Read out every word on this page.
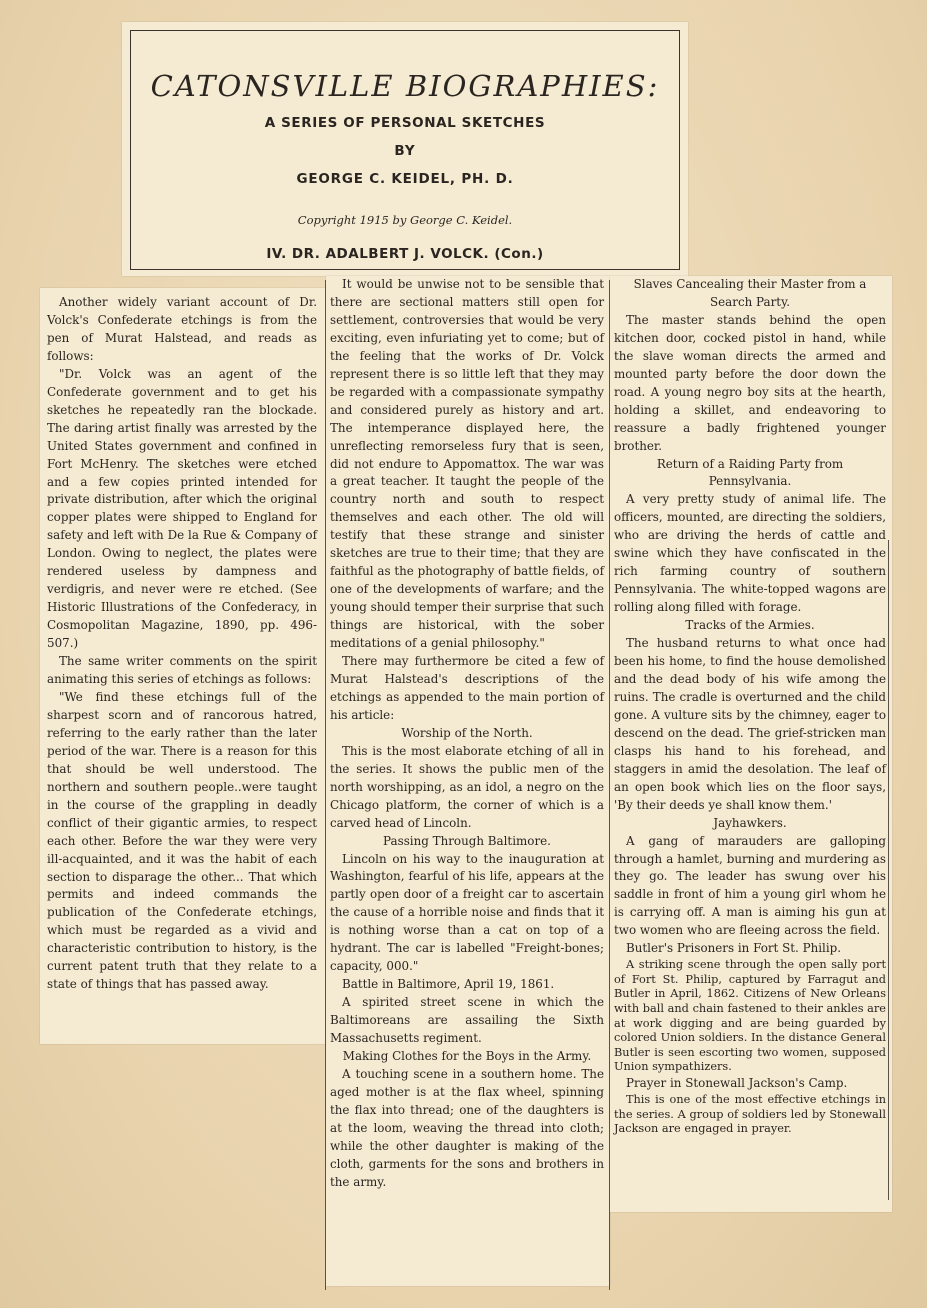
CATONSVILLE BIOGRAPHIES:
A SERIES OF PERSONAL SKETCHES
BY
GEORGE C. KEIDEL, PH. D.
Copyright 1915 by George C. Keidel.
IV. DR. ADALBERT J. VOLCK. (Con.)

Another widely variant account of Dr. Volck's Confederate etchings is from the pen of Murat Halstead, and reads as follows:

"Dr. Volck was an agent of the Confederate government and to get his sketches he repeatedly ran the blockade. The daring artist finally was arrested by the United States government and confined in Fort McHenry. The sketches were etched and a few copies printed intended for private distribution, after which the original copper plates were shipped to England for safety and left with De la Rue & Company of London. Owing to neglect, the plates were rendered useless by dampness and verdigris, and never were re etched. (See Historic Illustrations of the Confederacy, in Cosmopolitan Magazine, 1890, pp. 496-507.)

The same writer comments on the spirit animating this series of etchings as follows:

"We find these etchings full of the sharpest scorn and of rancorous hatred, referring to the early rather than the later period of the war. There is a reason for this that should be well understood. The northern and southern people..were taught in the course of the grappling in deadly conflict of their gigantic armies, to respect each other. Before the war they were very ill-acquainted, and it was the habit of each section to disparage the other... That which permits and indeed commands the publication of the Confederate etchings, which must be regarded as a vivid and characteristic contribution to history, is the current patent truth that they relate to a state of things that has passed away.

It would be unwise not to be sensible that there are sectional matters still open for settlement, controversies that would be very exciting, even infuriating yet to come; but of the feeling that the works of Dr. Volck represent there is so little left that they may be regarded with a compassionate sympathy and considered purely as history and art. The intemperance displayed here, the unreflecting remorseless fury that is seen, did not endure to Appomattox. The war was a great teacher. It taught the people of the country north and south to respect themselves and each other. The old will testify that these strange and sinister sketches are true to their time; that they are faithful as the photography of battle fields, of one of the developments of warfare; and the young should temper their surprise that such things are historical, with the sober meditations of a genial philosophy."

There may furthermore be cited a few of Murat Halstead's descriptions of the etchings as appended to the main portion of his article:

Worship of the North.

This is the most elaborate etching of all in the series. It shows the public men of the north worshipping, as an idol, a negro on the Chicago platform, the corner of which is a carved head of Lincoln.

Passing Through Baltimore.

Lincoln on his way to the inauguration at Washington, fearful of his life, appears at the partly open door of a freight car to ascertain the cause of a horrible noise and finds that it is nothing worse than a cat on top of a hydrant. The car is labelled "Freight-bones; capacity, 000."

Battle in Baltimore, April 19, 1861.

A spirited street scene in which the Baltimoreans are assailing the Sixth Massachusetts regiment.

Making Clothes for the Boys in the Army.

A touching scene in a southern home. The aged mother is at the flax wheel, spinning the flax into thread; one of the daughters is at the loom, weaving the thread into cloth; while the other daughter is making of the cloth, garments for the sons and brothers in the army.

Slaves Cancealing their Master from a Search Party.

The master stands behind the open kitchen door, cocked pistol in hand, while the slave woman directs the armed and mounted party before the door down the road. A young negro boy sits at the hearth, holding a skillet, and endeavoring to reassure a badly frightened younger brother.

Return of a Raiding Party from Pennsylvania.

A very pretty study of animal life. The officers, mounted, are directing the soldiers, who are driving the herds of cattle and swine which they have confiscated in the rich farming country of southern Pennsylvania. The white-topped wagons are rolling along filled with forage.

Tracks of the Armies.

The husband returns to what once had been his home, to find the house demolished and the dead body of his wife among the ruins. The cradle is overturned and the child gone. A vulture sits by the chimney, eager to descend on the dead. The grief-stricken man clasps his hand to his forehead, and staggers in amid the desolation. The leaf of an open book which lies on the floor says, 'By their deeds ye shall know them.'

Jayhawkers.

A gang of marauders are galloping through a hamlet, burning and murdering as they go. The leader has swung over his saddle in front of him a young girl whom he is carrying off. A man is aiming his gun at two women who are fleeing across the field.

Butler's Prisoners in Fort St. Philip.

A striking scene through the open sally port of Fort St. Philip, captured by Farragut and Butler in April, 1862. Citizens of New Orleans with ball and chain fastened to their ankles are at work digging and are being guarded by colored Union soldiers. In the distance General Butler is seen escorting two women, supposed Union sympathizers.

Prayer in Stonewall Jackson's Camp.

This is one of the most effective etchings in the series. A group of soldiers led by Stonewall Jackson are engaged in prayer.
